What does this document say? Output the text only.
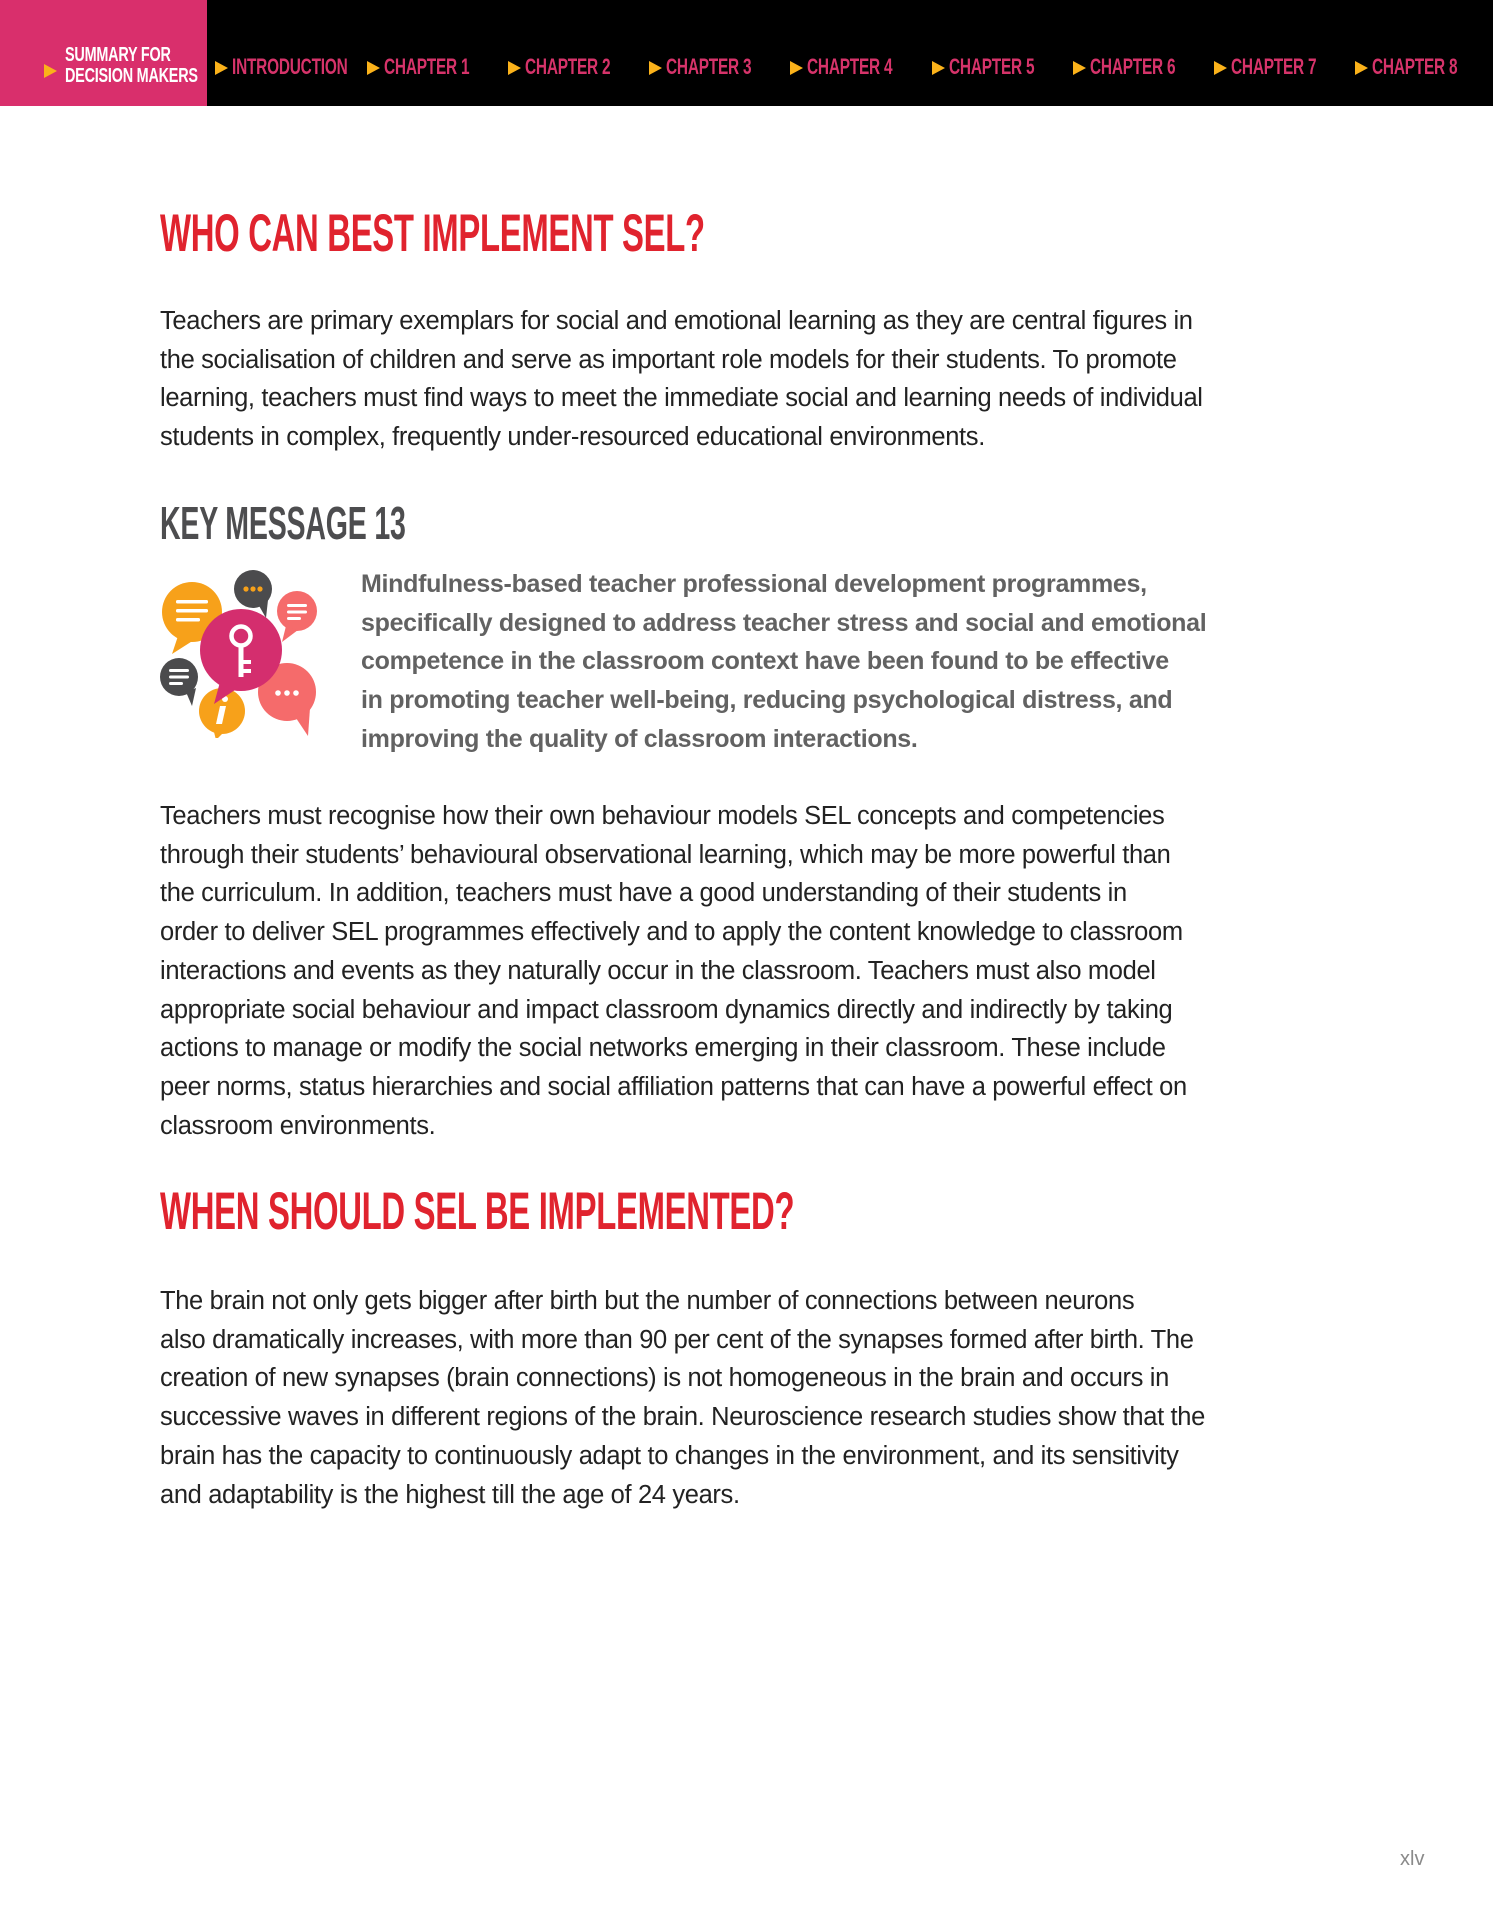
SUMMARY FOR
DECISION MAKERS INTRODUCTION CHAPTER 1	CHAPTER 2	CHAPTER 3	CHAPTER 4	CHAPTER 5	CHAPTER 6	CHAPTER 7	CHAPTER 8
WHO CAN BEST IMPLEMENT SEL?

Teachers are primary exemplars for social and emotional learning as they are central figures in
the socialisation of children and serve as important role models for their students. To promote
learning, teachers must find ways to meet the immediate social and learning needs of individual
students in complex, frequently under-resourced educational environments.

KEY MESSAGE 13

Mindfulness-based teacher professional development programmes,
specifically designed to address teacher stress and social and emotional
competence in the classroom context have been found to be effective
in promoting teacher well-being, reducing psychological distress, and
improving the quality of classroom interactions.

Teachers must recognise how their own behaviour models SEL concepts and competencies
through their students’ behavioural observational learning, which may be more powerful than
the curriculum. In addition, teachers must have a good understanding of their students in
order to deliver SEL programmes effectively and to apply the content knowledge to classroom
interactions and events as they naturally occur in the classroom. Teachers must also model
appropriate social behaviour and impact classroom dynamics directly and indirectly by taking
actions to manage or modify the social networks emerging in their classroom. These include
peer norms, status hierarchies and social affiliation patterns that can have a powerful effect on
classroom environments.

WHEN SHOULD SEL BE IMPLEMENTED?

The brain not only gets bigger after birth but the number of connections between neurons
also dramatically increases, with more than 90 per cent of the synapses formed after birth. The
creation of new synapses (brain connections) is not homogeneous in the brain and occurs in
successive waves in different regions of the brain. Neuroscience research studies show that the
brain has the capacity to continuously adapt to changes in the environment, and its sensitivity
and adaptability is the highest till the age of 24 years.

xlv
